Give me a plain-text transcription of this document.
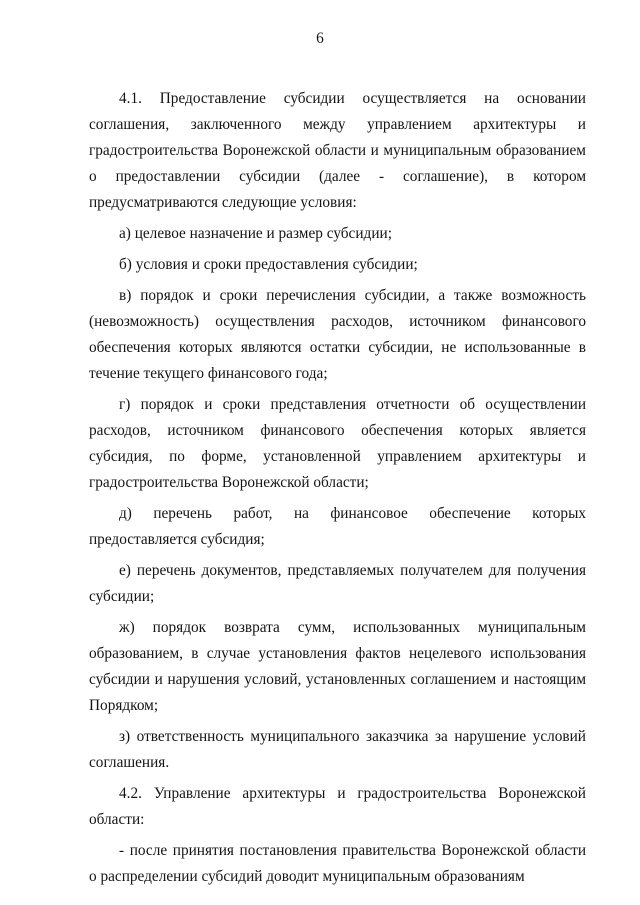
6

4.1. Предоставление субсидии осуществляется на основании соглашения, заключенного между управлением архитектуры и градостроительства Воронежской области и муниципальным образованием о предоставлении субсидии (далее - соглашение), в котором предусматриваются следующие условия:

а) целевое назначение и размер субсидии;

б) условия и сроки предоставления субсидии;

в) порядок и сроки перечисления субсидии, а также возможность (невозможность) осуществления расходов, источником финансового обеспечения которых являются остатки субсидии, не использованные в течение текущего финансового года;

г) порядок и сроки представления отчетности об осуществлении расходов, источником финансового обеспечения которых является субсидия, по форме, установленной управлением архитектуры и градостроительства Воронежской области;

д) перечень работ, на финансовое обеспечение которых предоставляется субсидия;

е) перечень документов, представляемых получателем для получения субсидии;

ж) порядок возврата сумм, использованных муниципальным образованием, в случае установления фактов нецелевого использования субсидии и нарушения условий, установленных соглашением и настоящим Порядком;

з) ответственность муниципального заказчика за нарушение условий соглашения.

4.2. Управление архитектуры и градостроительства Воронежской области:

- после принятия постановления правительства Воронежской области о распределении субсидий доводит муниципальным образованиям
